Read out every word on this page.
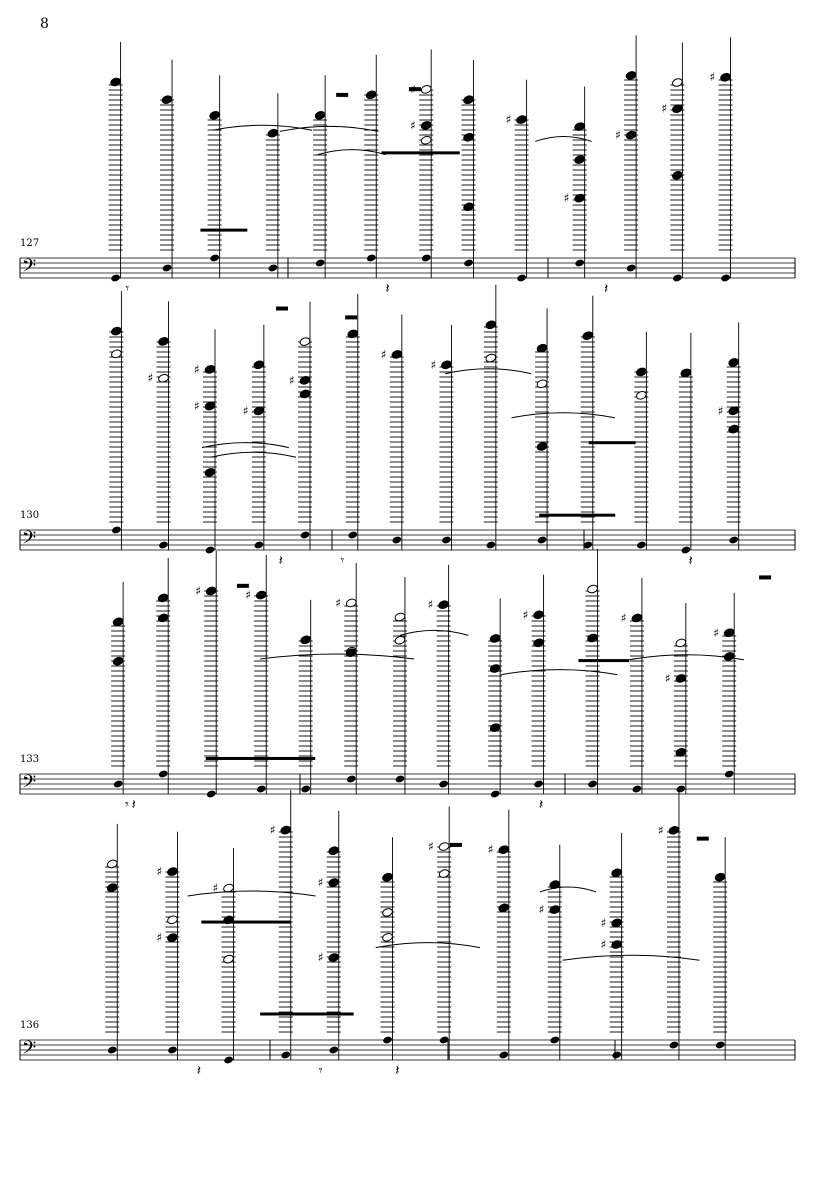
8
𝄢
127
♯	♯
♯
♯
♯
♯
𝄽
𝄾	𝄽
𝄢
130
♯
♯
♯	♯
♯
♯
♯
♯
𝄽
𝄾
𝄽
𝄢
133
♯	♯
♯	♯
♯	♯
♯
♯
𝄽
𝄾 𝄽
𝄢
136
♯
♯
♯
♯
♯
♯
♯	♯
♯
♯
♯
♯
𝄽	𝄾	𝄽
